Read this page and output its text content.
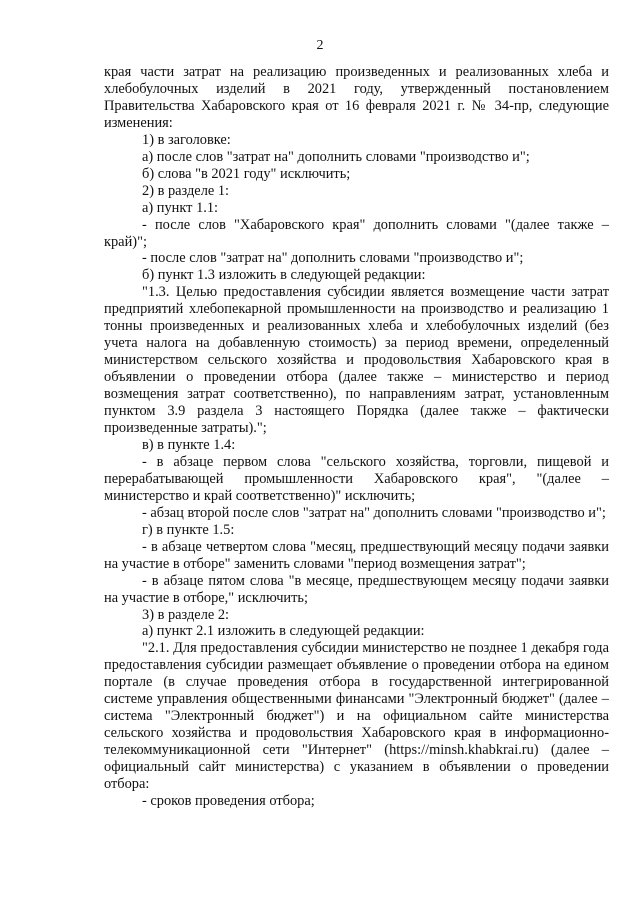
2

края части затрат на реализацию произведенных и реализованных хлеба и хлебобулочных изделий в 2021 году, утвержденный постановлением Правительства Хабаровского края от 16 февраля 2021 г. № 34-пр, следующие изменения:

1) в заголовке:

а) после слов "затрат на" дополнить словами "производство и";

б) слова "в 2021 году" исключить;

2) в разделе 1:

а) пункт 1.1:

- после слов "Хабаровского края" дополнить словами "(далее также – край)";

- после слов "затрат на" дополнить словами "производство и";

б) пункт 1.3 изложить в следующей редакции:

"1.3. Целью предоставления субсидии является возмещение части затрат предприятий хлебопекарной промышленности на производство и реализацию 1 тонны произведенных и реализованных хлеба и хлебобулочных изделий (без учета налога на добавленную стоимость) за период времени, определенный министерством сельского хозяйства и продовольствия Хабаровского края в объявлении о проведении отбора (далее также – министерство и период возмещения затрат соответственно), по направлениям затрат, установленным пунктом 3.9 раздела 3 настоящего Порядка (далее также – фактически произведенные затраты).";

в) в пункте 1.4:

- в абзаце первом слова "сельского хозяйства, торговли, пищевой и перерабатывающей промышленности Хабаровского края", "(далее – министерство и край соответственно)" исключить;

- абзац второй после слов "затрат на" дополнить словами "производство и";

г) в пункте 1.5:

- в абзаце четвертом слова "месяц, предшествующий месяцу подачи заявки на участие в отборе" заменить словами "период возмещения затрат";

- в абзаце пятом слова "в месяце, предшествующем месяцу подачи заявки на участие в отборе," исключить;

3) в разделе 2:

а) пункт 2.1 изложить в следующей редакции:

"2.1. Для предоставления субсидии министерство не позднее 1 декабря года предоставления субсидии размещает объявление о проведении отбора на едином портале (в случае проведения отбора в государственной интегрированной системе управления общественными финансами "Электронный бюджет" (далее – система "Электронный бюджет") и на официальном сайте министерства сельского хозяйства и продовольствия Хабаровского края в информационно-телекоммуникационной сети "Интернет" (https://minsh.khabkrai.ru) (далее – официальный сайт министерства) с указанием в объявлении о проведении отбора:

- сроков проведения отбора;
